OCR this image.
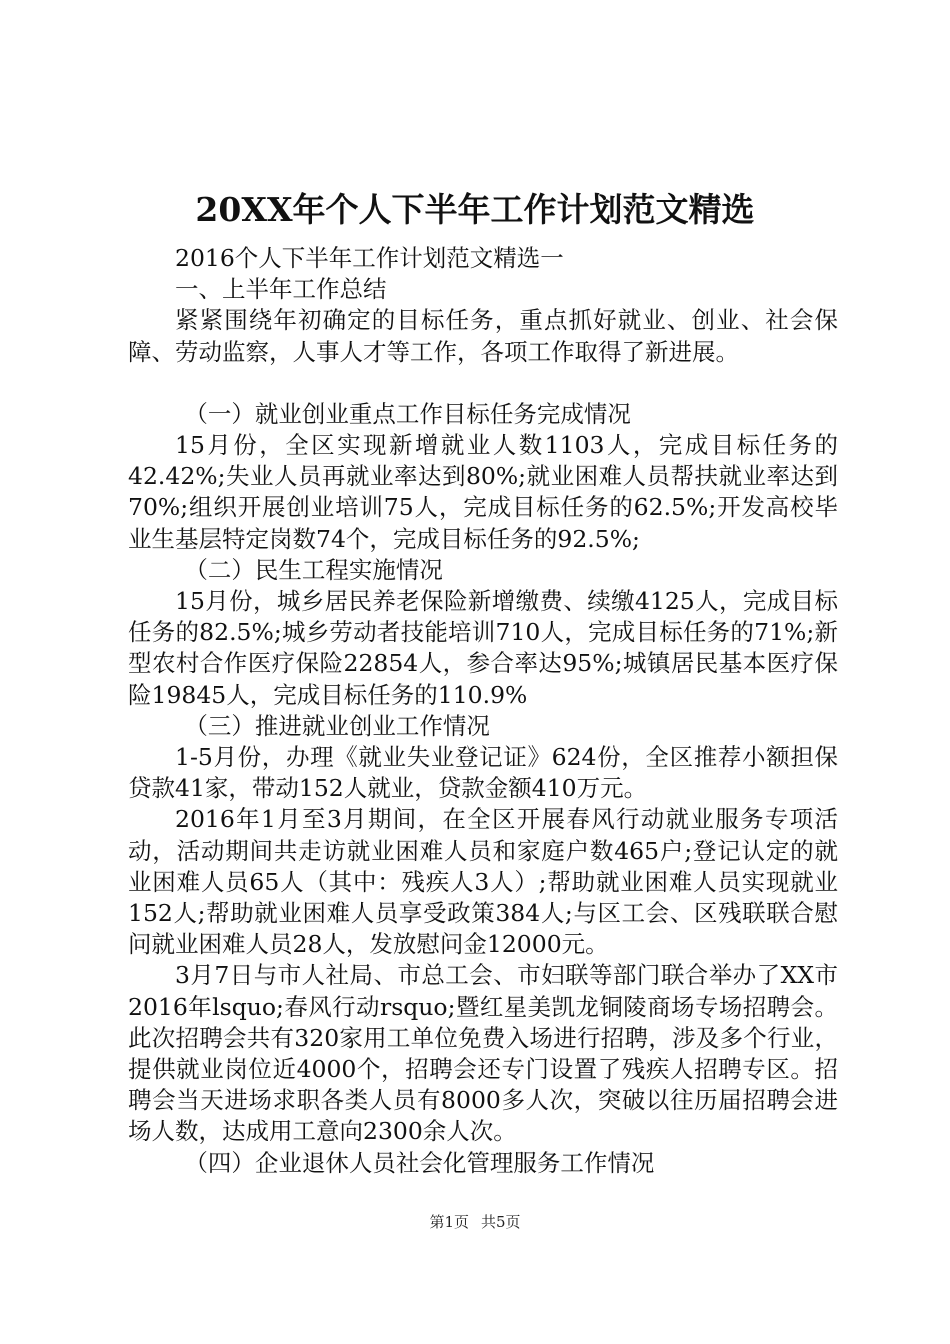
20XX年个人下半年工作计划范文精选

2016个人下半年工作计划范文精选一

一、上半年工作总结

紧紧围绕年初确定的目标任务，重点抓好就业、创业、社会保障、劳动监察，人事人才等工作，各项工作取得了新进展。

（一）就业创业重点工作目标任务完成情况

15月份，全区实现新增就业人数1103人，完成目标任务的42.42%;失业人员再就业率达到80%;就业困难人员帮扶就业率达到70%;组织开展创业培训75人，完成目标任务的62.5%;开发高校毕业生基层特定岗数74个，完成目标任务的92.5%;

（二）民生工程实施情况

15月份，城乡居民养老保险新增缴费、续缴4125人，完成目标任务的82.5%;城乡劳动者技能培训710人，完成目标任务的71%;新型农村合作医疗保险22854人，参合率达95%;城镇居民基本医疗保险19845人，完成目标任务的110.9%

（三）推进就业创业工作情况

1-5月份，办理《就业失业登记证》624份，全区推荐小额担保贷款41家，带动152人就业，贷款金额410万元。

2016年1月至3月期间，在全区开展春风行动就业服务专项活动，活动期间共走访就业困难人员和家庭户数465户;登记认定的就业困难人员65人（其中：残疾人3人）;帮助就业困难人员实现就业152人;帮助就业困难人员享受政策384人;与区工会、区残联联合慰问就业困难人员28人，发放慰问金12000元。

3月7日与市人社局、市总工会、市妇联等部门联合举办了XX市2016年lsquo;春风行动rsquo;暨红星美凯龙铜陵商场专场招聘会。此次招聘会共有320家用工单位免费入场进行招聘，涉及多个行业，提供就业岗位近4000个，招聘会还专门设置了残疾人招聘专区。招聘会当天进场求职各类人员有8000多人次，突破以往历届招聘会进场人数，达成用工意向2300余人次。

（四）企业退休人员社会化管理服务工作情况

第1页 共5页
